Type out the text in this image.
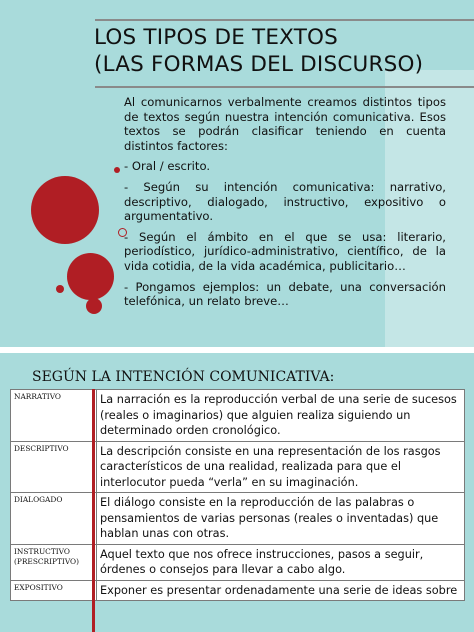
LOS TIPOS DE TEXTOS
(LAS FORMAS DEL DISCURSO)

Al comunicarnos verbalmente creamos distintos tipos de textos según nuestra intención comunicativa. Esos textos se podrán clasificar teniendo en cuenta distintos factores:

- Oral / escrito.

- Según su intención comunicativa: narrativo, descriptivo, dialogado, instructivo, expositivo o argumentativo.

- Según el ámbito en el que se usa: literario, periodístico, jurídico-administrativo, científico, de la vida cotidia, de la vida académica, publicitario…

- Pongamos ejemplos: un debate, una conversación telefónica, un relato breve…

SEGÚN LA INTENCIÓN COMUNICATIVA:
NARRATIVO	La narración es la reproducción verbal de una serie de sucesos (reales o imaginarios) que alguien realiza siguiendo un determinado orden cronológico.
DESCRIPTIVO	La descripción consiste en una representación de los rasgos característicos de una realidad, realizada para que el interlocutor pueda “verla” en su imaginación.
DIALOGADO	El diálogo consiste en la reproducción de las palabras o pensamientos de varias personas (reales o inventadas) que hablan unas con otras.
INSTRUCTIVO (PRESCRIPTIVO)	Aquel texto que nos ofrece instrucciones, pasos a seguir, órdenes o consejos para llevar a cabo algo.
EXPOSITIVO	Exponer es presentar ordenadamente una serie de ideas sobre
